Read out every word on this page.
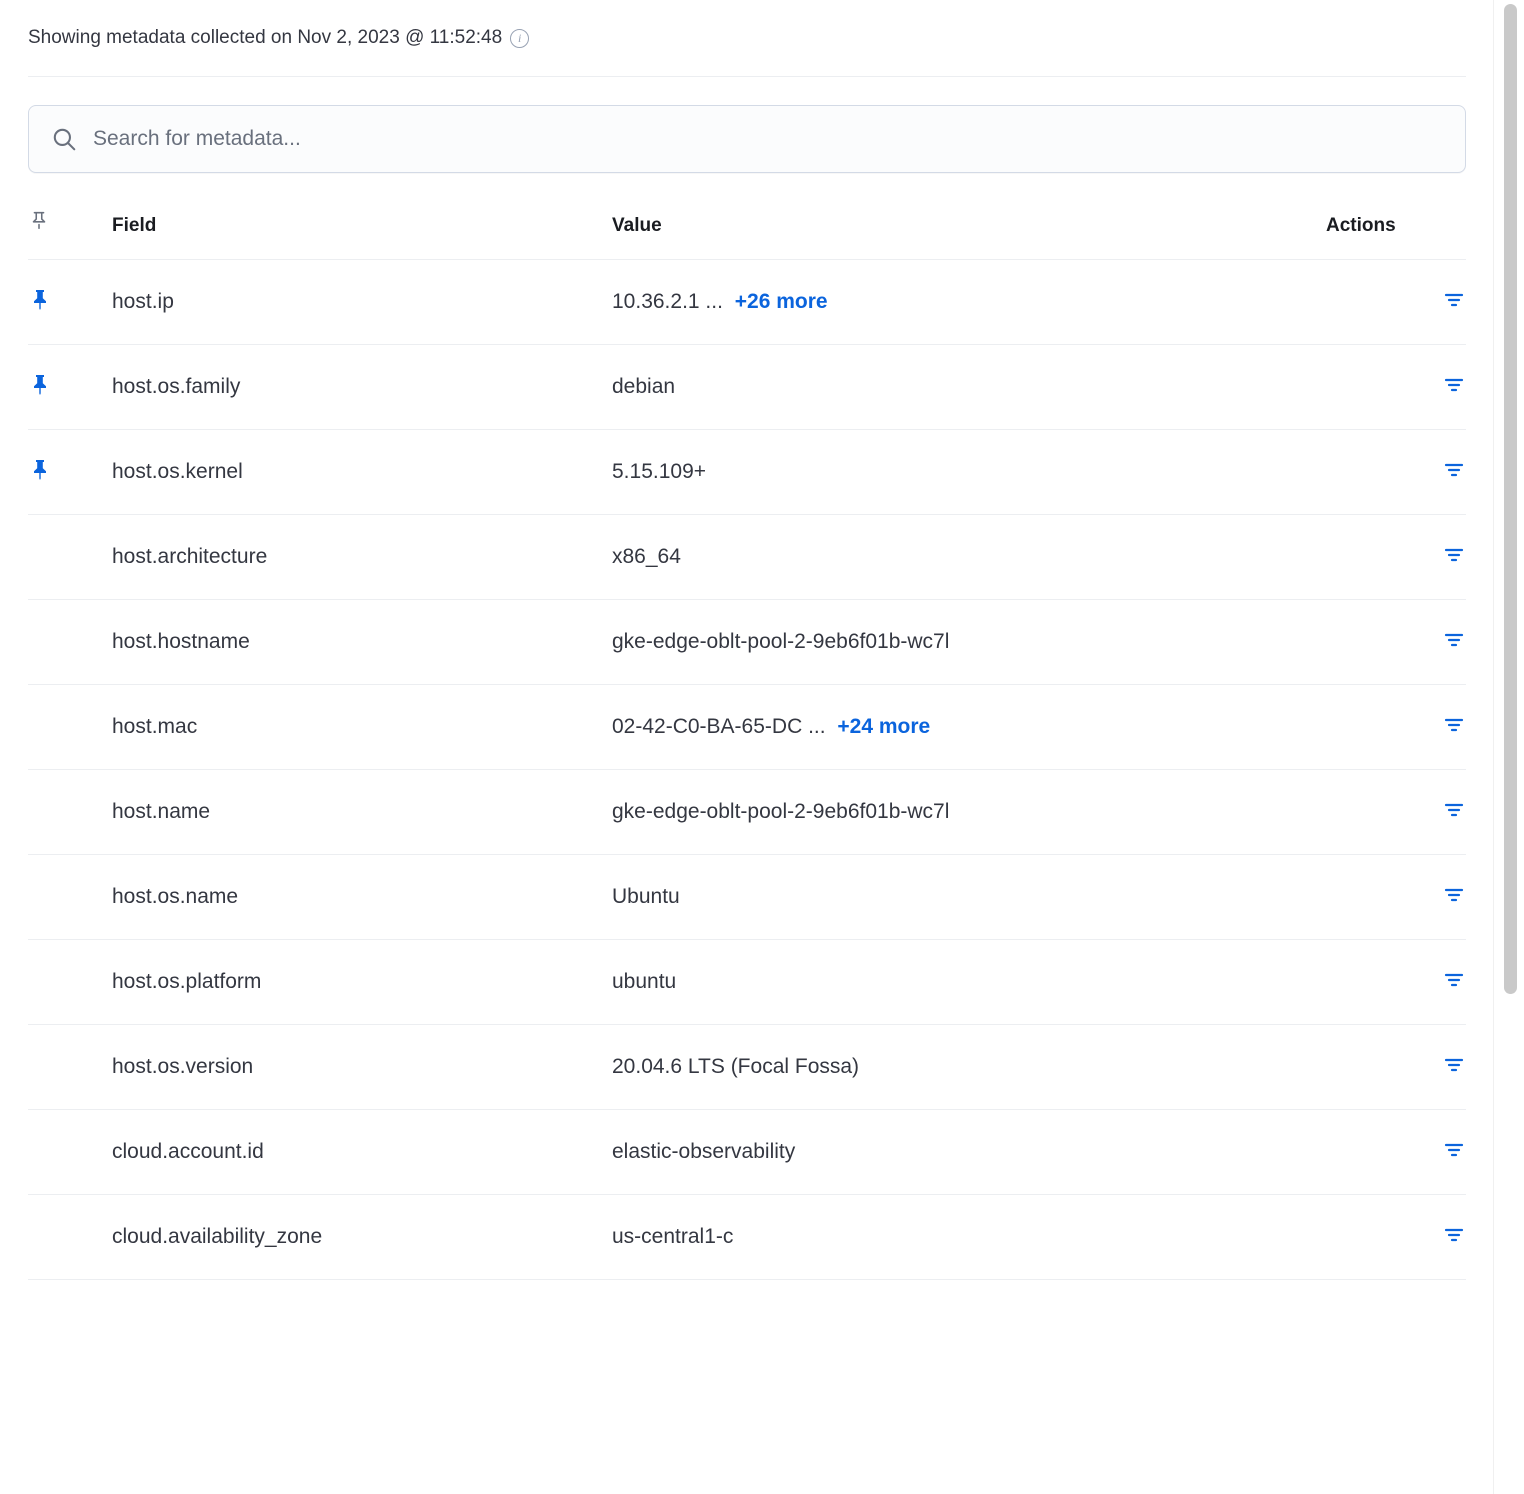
Showing metadata collected on Nov 2, 2023 @ 11:52:48	i
Search for metadata...
	Field	Value	Actions
	host.ip	10.36.2.1 ... +26 more	
	host.os.family	debian	
	host.os.kernel	5.15.109+	
	host.architecture	x86_64	
	host.hostname	gke-edge-oblt-pool-2-9eb6f01b-wc7l	
	host.mac	02-42-C0-BA-65-DC ... +24 more	
	host.name	gke-edge-oblt-pool-2-9eb6f01b-wc7l	
	host.os.name	Ubuntu	
	host.os.platform	ubuntu	
	host.os.version	20.04.6 LTS (Focal Fossa)	
	cloud.account.id	elastic-observability	
	cloud.availability_zone	us-central1-c	
